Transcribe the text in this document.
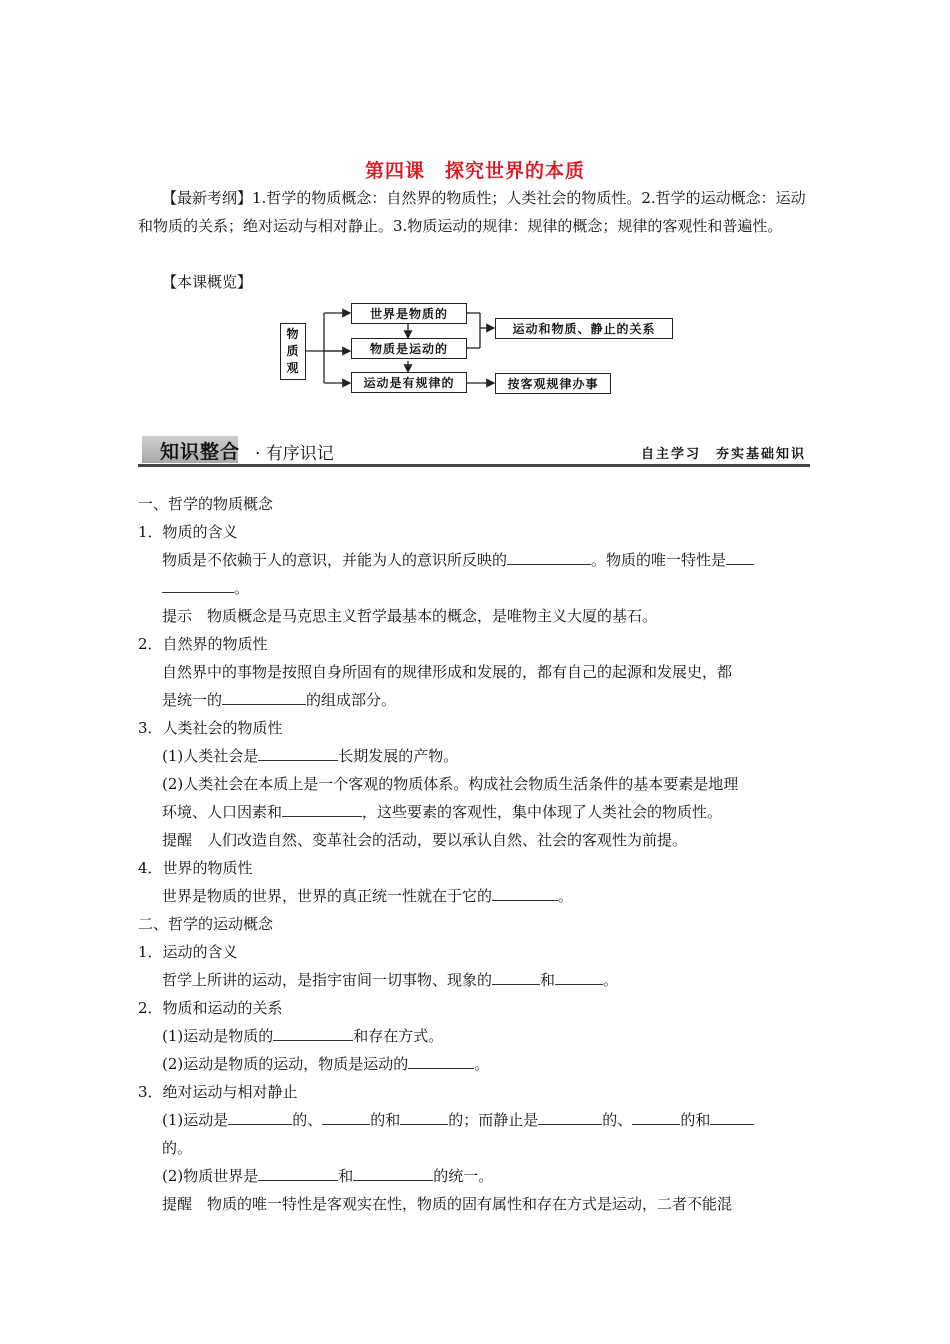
第四课　探究世界的本质
【最新考纲】1.哲学的物质概念：自然界的物质性；人类社会的物质性。2.哲学的运动概念：运动和物质的关系；绝对运动与相对静止。3.物质运动的规律：规律的概念；规律的客观性和普遍性。
【本课概览】
物
质
观
世界是物质的
物质是运动的
运动是有规律的
运动和物质、静止的关系
按客观规律办事
知识整合 · 有序识记	自主学习　夯实基础知识
一、哲学的物质概念
1．物质的含义
物质是不依赖于人的意识，并能为人的意识所反映的	。物质的唯一特性是
。
提示　物质概念是马克思主义哲学最基本的概念，是唯物主义大厦的基石。
2．自然界的物质性
自然界中的事物是按照自身所固有的规律形成和发展的，都有自己的起源和发展史，都
是统一的	的组成部分。
3．人类社会的物质性
(1)人类社会是	长期发展的产物。
(2)人类社会在本质上是一个客观的物质体系。构成社会物质生活条件的基本要素是地理
环境、人口因素和	，这些要素的客观性，集中体现了人类社会的物质性。
提醒　人们改造自然、变革社会的活动，要以承认自然、社会的客观性为前提。
4．世界的物质性
世界是物质的世界，世界的真正统一性就在于它的	。
二、哲学的运动概念
1．运动的含义
哲学上所讲的运动，是指宇宙间一切事物、现象的	和	。
2．物质和运动的关系
(1)运动是物质的	和存在方式。
(2)运动是物质的运动，物质是运动的	。
3．绝对运动与相对静止
(1)运动是	的、	的和	的；而静止是	的、	的和
的。
(2)物质世界是	和	的统一。
提醒　物质的唯一特性是客观实在性，物质的固有属性和存在方式是运动，二者不能混
